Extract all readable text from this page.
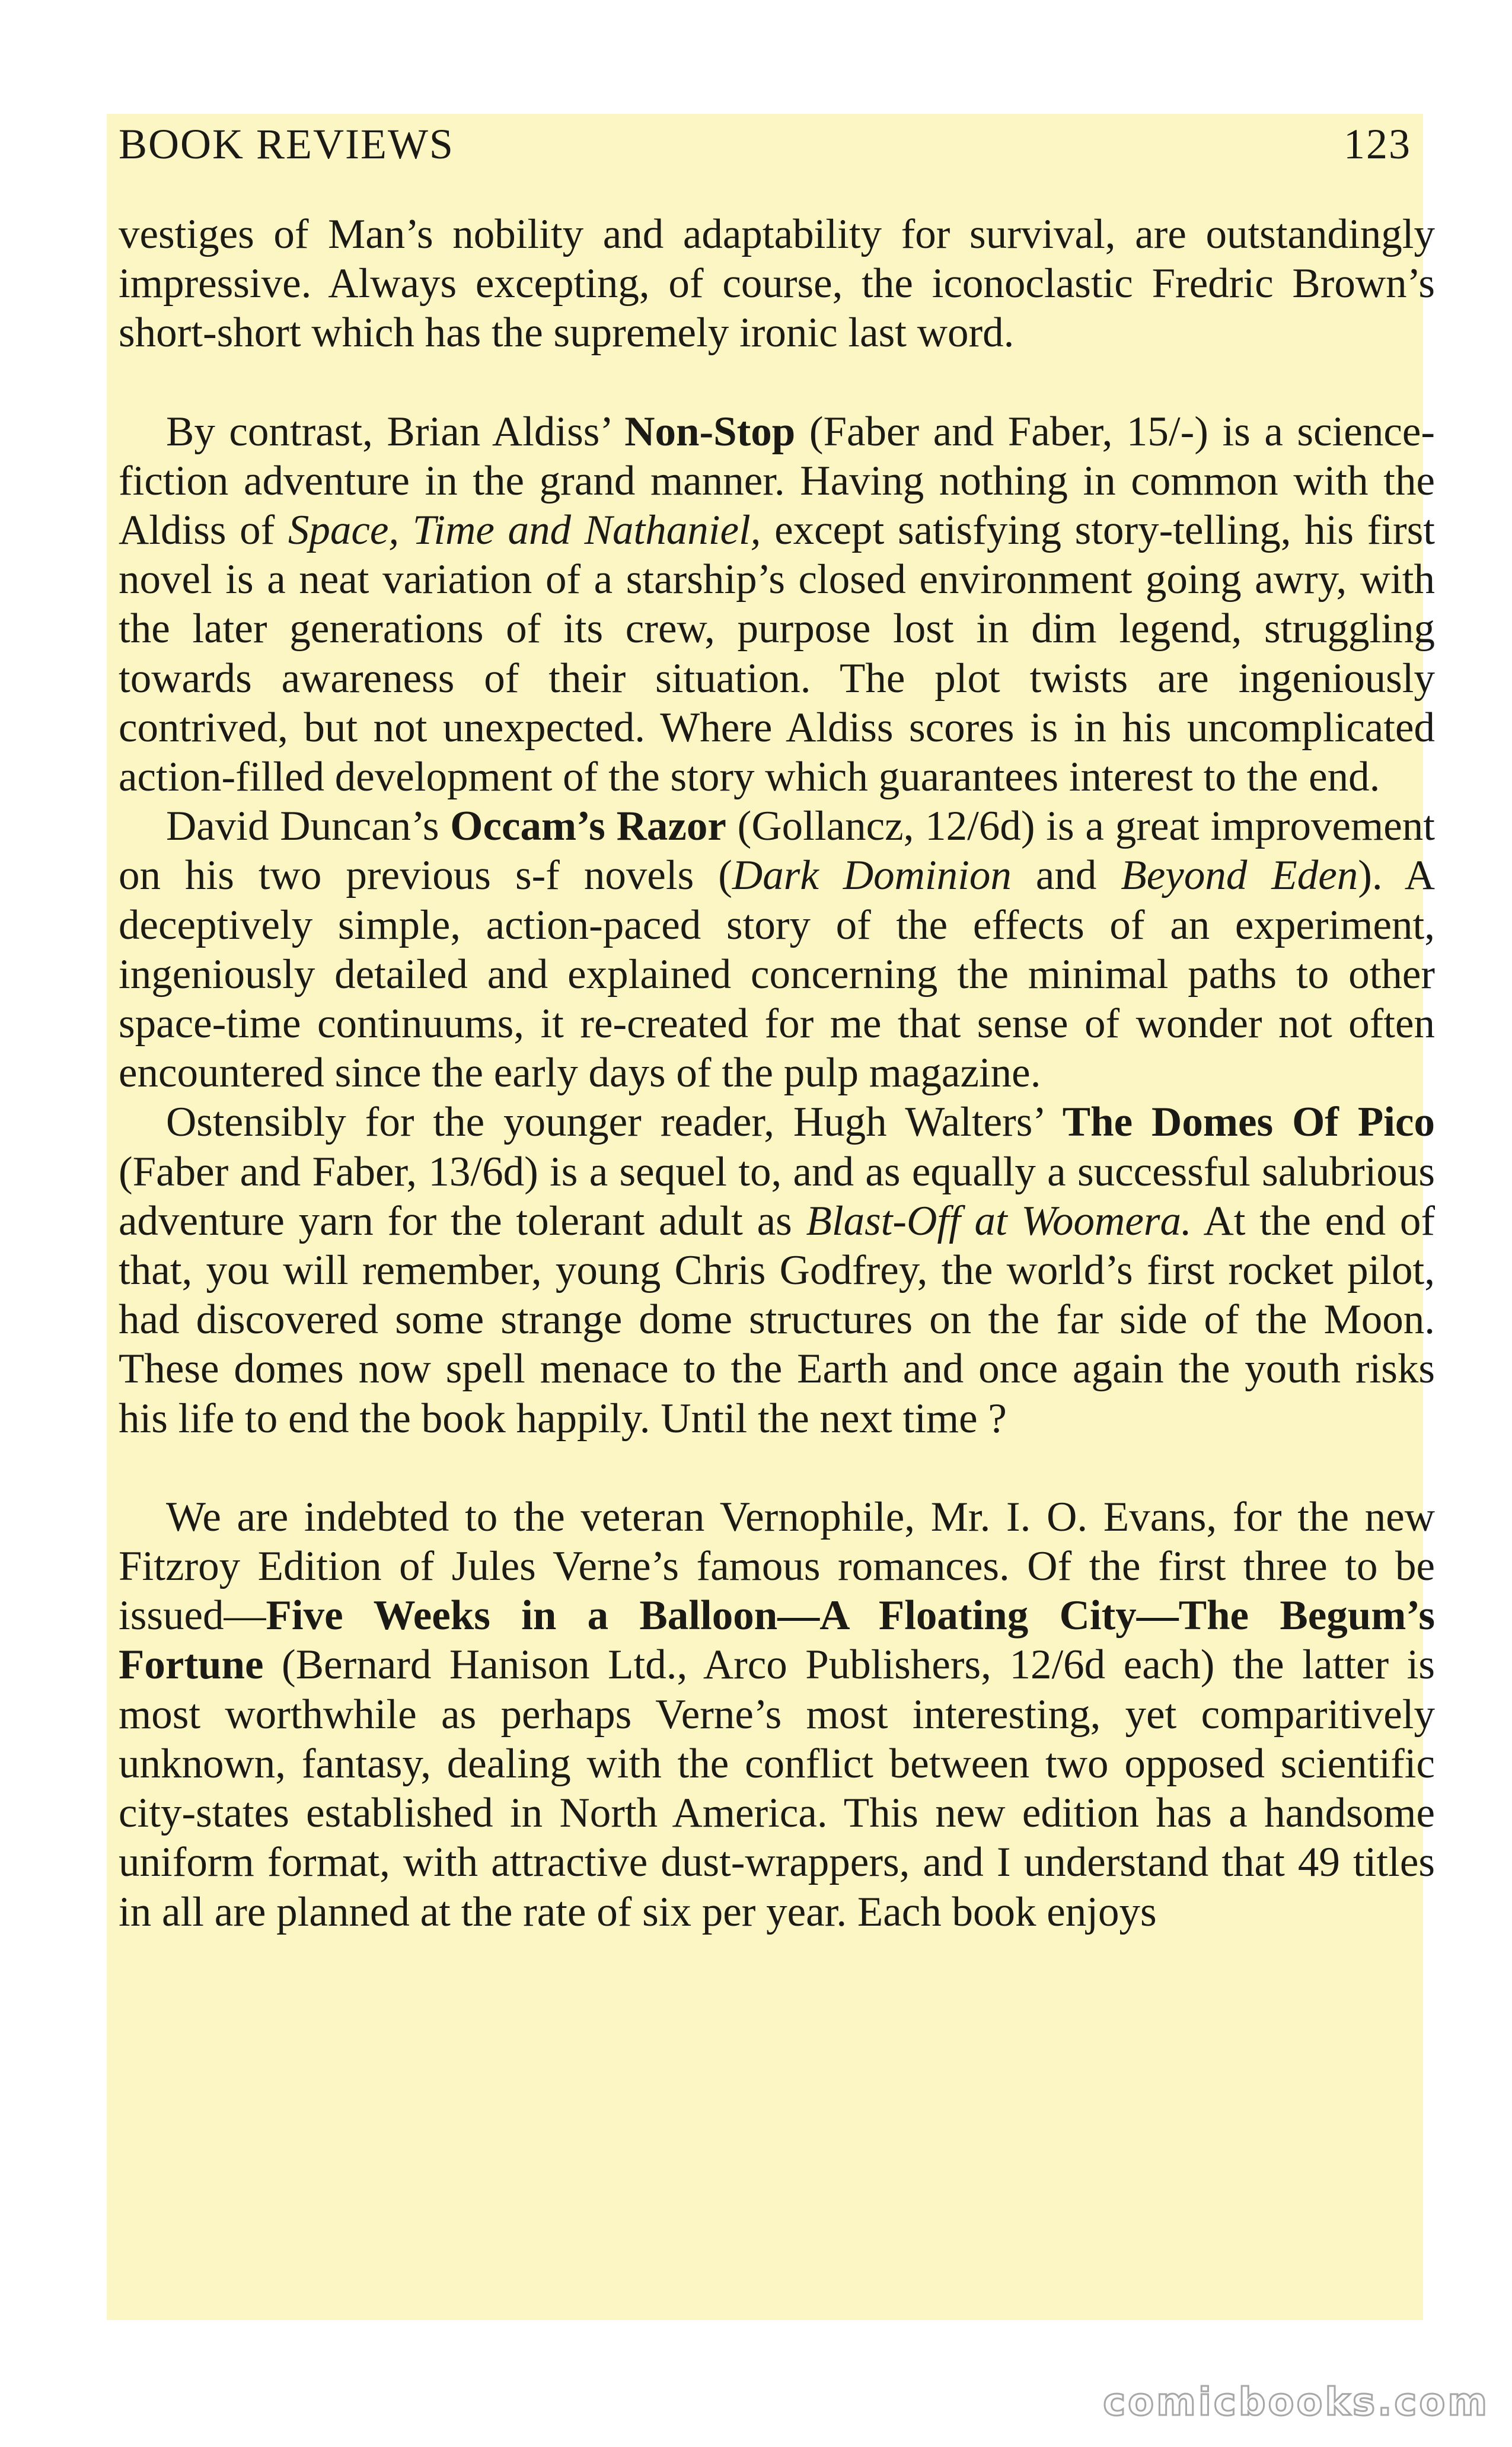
BOOK REVIEWS	123

vestiges of Man’s nobility and adaptability for survival, are outstandingly impressive. Always excepting, of course, the iconoclastic Fredric Brown’s short-short which has the supremely ironic last word.

By contrast, Brian Aldiss’ Non-Stop (Faber and Faber, 15/-) is a science-fiction adventure in the grand manner. Having nothing in common with the Aldiss of Space, Time and Nathaniel, except satisfying story-telling, his first novel is a neat variation of a starship’s closed environment going awry, with the later generations of its crew, purpose lost in dim legend, struggling towards awareness of their situation. The plot twists are ingeniously contrived, but not unexpected. Where Aldiss scores is in his uncomplicated action-filled development of the story which guarantees interest to the end.

David Duncan’s Occam’s Razor (Gollancz, 12/6d) is a great improvement on his two previous s-f novels (Dark Dominion and Beyond Eden). A deceptively simple, action-paced story of the effects of an experiment, ingeniously detailed and explained concerning the minimal paths to other space-time continuums, it re-created for me that sense of wonder not often encountered since the early days of the pulp magazine.

Ostensibly for the younger reader, Hugh Walters’ The Domes Of Pico (Faber and Faber, 13/6d) is a sequel to, and as equally a successful salubrious adventure yarn for the tolerant adult as Blast-Off at Woomera. At the end of that, you will remember, young Chris Godfrey, the world’s first rocket pilot, had discovered some strange dome structures on the far side of the Moon. These domes now spell menace to the Earth and once again the youth risks his life to end the book happily. Until the next time ?

We are indebted to the veteran Vernophile, Mr. I. O. Evans, for the new Fitzroy Edition of Jules Verne’s famous romances. Of the first three to be issued—Five Weeks in a Balloon—A Floating City—The Begum’s Fortune (Bernard Hanison Ltd., Arco Publishers, 12/6d each) the latter is most worthwhile as perhaps Verne’s most interesting, yet comparitively unknown, fantasy, dealing with the conflict between two opposed scientific city-states established in North America. This new edition has a handsome uniform format, with attractive dust-wrappers, and I understand that 49 titles in all are planned at the rate of six per year. Each book enjoys

comicbooks.com
